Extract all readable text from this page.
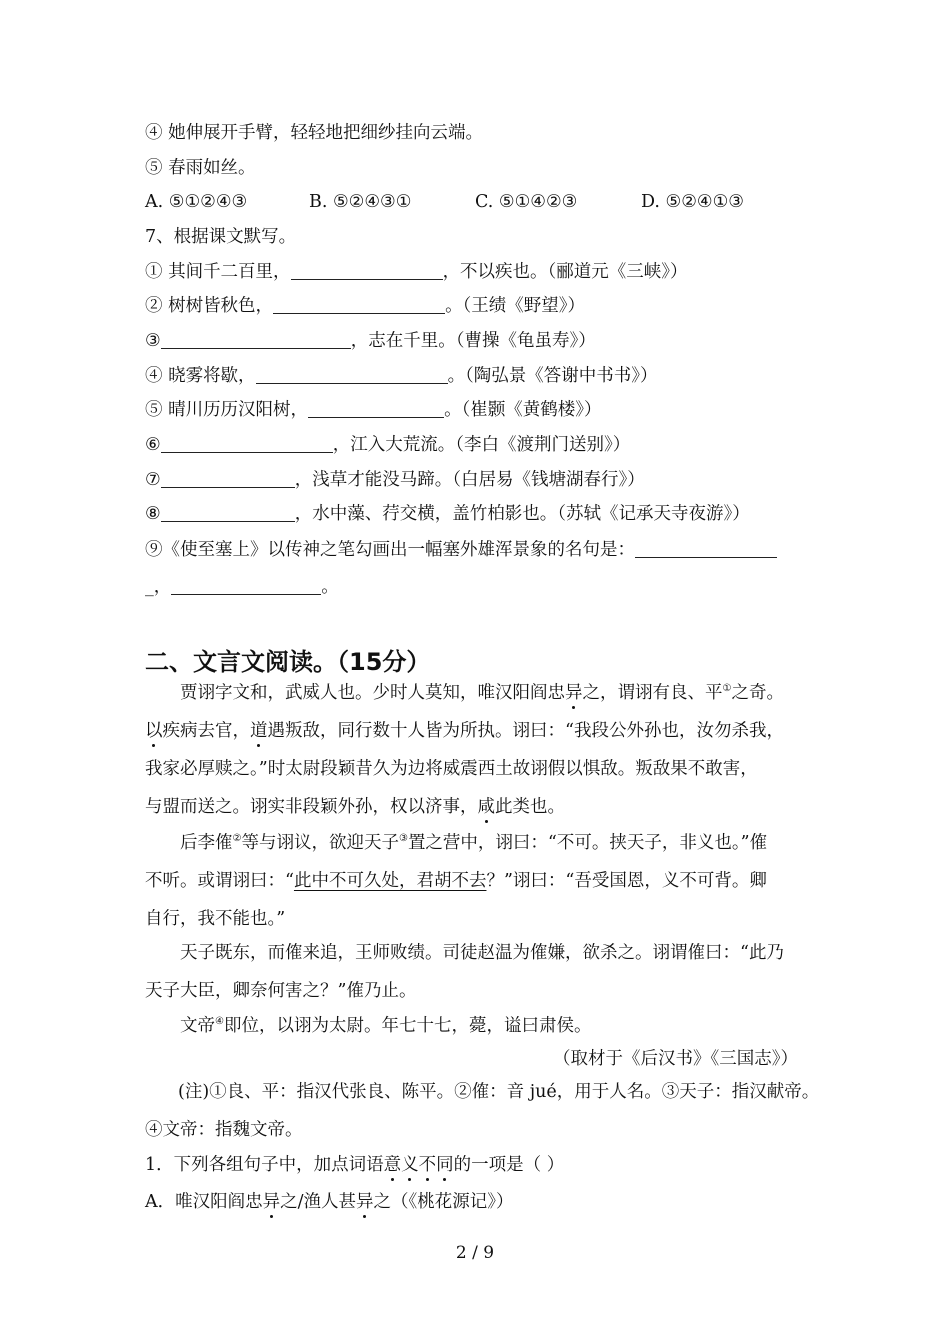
④ 她伸展开手臂，轻轻地把细纱挂向云端。
⑤ 春雨如丝。
A. ⑤①②④③	B. ⑤②④③①	C. ⑤①④②③	D. ⑤②④①③
7、根据课文默写。
① 其间千二百里，	，不以疾也。（郦道元《三峡》）
② 树树皆秋色，	。（王绩《野望》）
③	，志在千里。（曹操《龟虽寿》）
④ 晓雾将歇，	。（陶弘景《答谢中书书》）
⑤ 晴川历历汉阳树，	。（崔颢《黄鹤楼》）
⑥	，江入大荒流。（李白《渡荆门送别》）
⑦	，浅草才能没马蹄。（白居易《钱塘湖春行》）
⑧	，水中藻、荇交横，盖竹柏影也。（苏轼《记承天寺夜游》）
⑨《使至塞上》以传神之笔勾画出一幅塞外雄浑景象的名句是：
_，	。
二、文言文阅读。（15分）
贾诩字文和，武威人也。少时人莫知，唯汉阳阎忠异之，谓诩有良、平①之奇。
以疾病去官，道遇叛敌，同行数十人皆为所执。诩曰：“我段公外孙也，汝勿杀我，
我家必厚赎之。”时太尉段颖昔久为边将威震西土故诩假以惧敌。叛敌果不敢害，
与盟而送之。诩实非段颖外孙，权以济事，咸此类也。
后李傕②等与诩议，欲迎天子③置之营中，诩曰：“不可。挟天子，非义也。”傕
不听。或谓诩曰：“此中不可久处，君胡不去？”诩曰：“吾受国恩，义不可背。卿
自行，我不能也。”
天子既东，而傕来追，王师败绩。司徒赵温为傕嫌，欲杀之。诩谓傕曰：“此乃
天子大臣，卿奈何害之？”傕乃止。
文帝④即位，以诩为太尉。年七十七，薨，谥曰肃侯。
（取材于《后汉书》《三国志》）
(注)①良、平：指汉代张良、陈平。②傕：音 jué，用于人名。③天子：指汉献帝。
④文帝：指魏文帝。
1．下列各组句子中，加点词语意义不同的一项是（ ）
A．唯汉阳阎忠异之/渔人甚异之（《桃花源记》）
2 / 9
